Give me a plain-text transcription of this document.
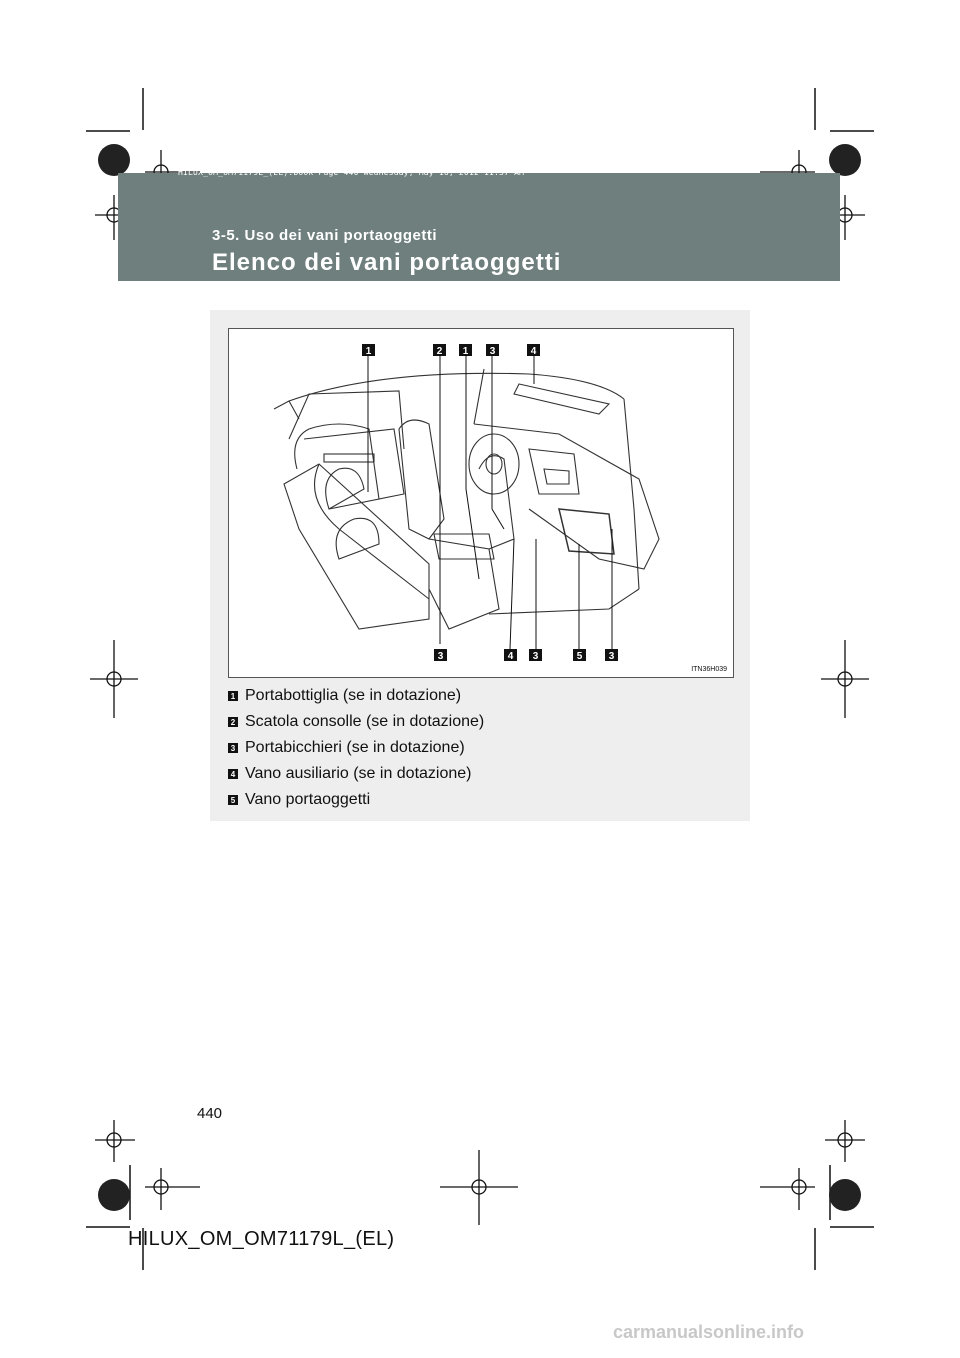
HILUX_OM_OM71179L_(EL).book Page 440 Wednesday, May 16, 2012 11:37 AM
3-5. Uso dei vani portaoggetti
Elenco dei vani portaoggetti
1	2 1 3	4
3	4 3	5	3
ITN36H039
1 Portabottiglia (se in dotazione)
2 Scatola consolle (se in dotazione)
3 Portabicchieri (se in dotazione)
4 Vano ausiliario (se in dotazione)
5 Vano portaoggetti
440
HILUX_OM_OM71179L_(EL)
carmanualsonline.info
